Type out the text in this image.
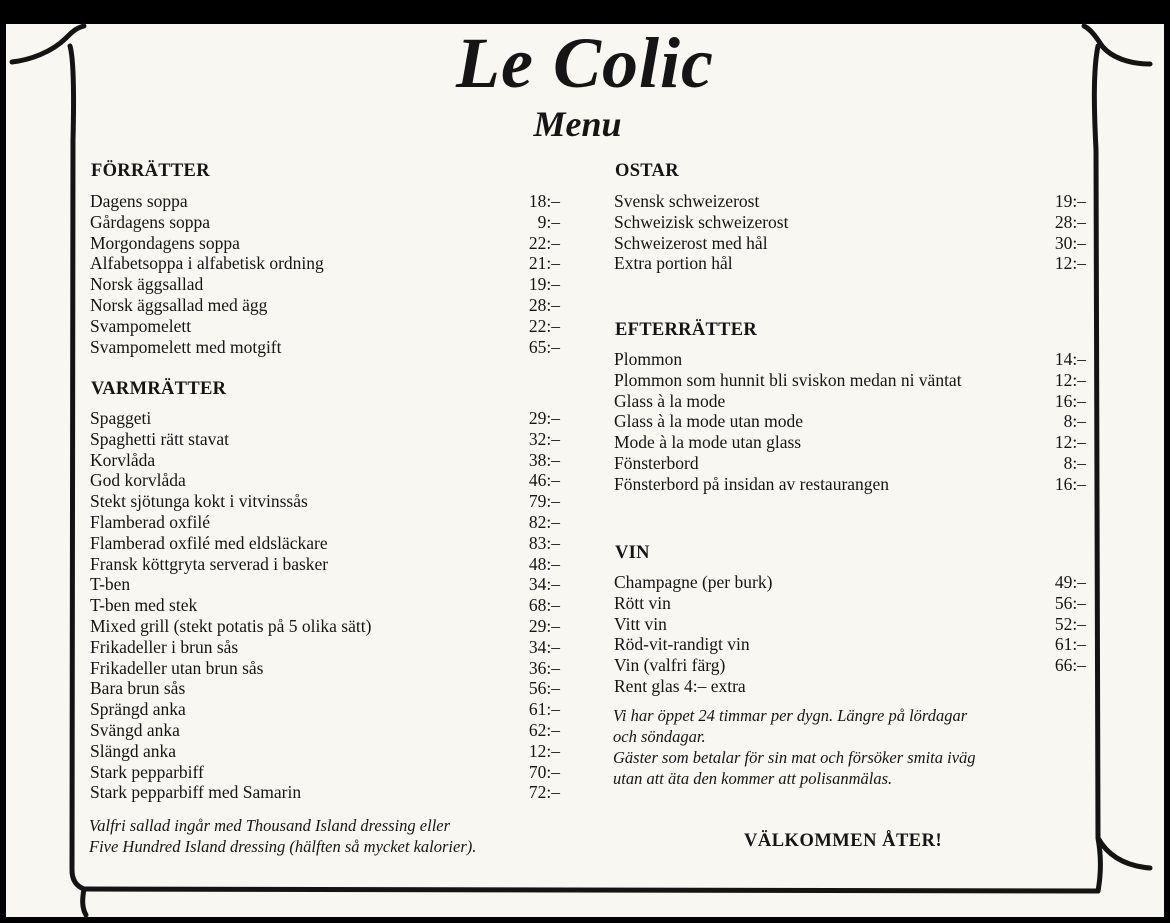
Le Colic
Menu
FÖRRÄTTER
Dagens soppa	18:–
Gårdagens soppa	9:–
Morgondagens soppa	22:–
Alfabetsoppa i alfabetisk ordning	21:–
Norsk äggsallad	19:–
Norsk äggsallad med ägg	28:–
Svampomelett	22:–
Svampomelett med motgift	65:–
VARMRÄTTER
Spaggeti	29:–
Spaghetti rätt stavat	32:–
Korvlåda	38:–
God korvlåda	46:–
Stekt sjötunga kokt i vitvinssås	79:–
Flamberad oxfilé	82:–
Flamberad oxfilé med eldsläckare	83:–
Fransk köttgryta serverad i basker	48:–
T-ben	34:–
T-ben med stek	68:–
Mixed grill (stekt potatis på 5 olika sätt)	29:–
Frikadeller i brun sås	34:–
Frikadeller utan brun sås	36:–
Bara brun sås	56:–
Sprängd anka	61:–
Svängd anka	62:–
Slängd anka	12:–
Stark pepparbiff	70:–
Stark pepparbiff med Samarin	72:–

Valfri sallad ingår med Thousand Island dressing eller

Five Hundred Island dressing (hälften så mycket kalorier).

OSTAR
Svensk schweizerost	19:–
Schweizisk schweizerost	28:–
Schweizerost med hål	30:–
Extra portion hål	12:–
EFTERRÄTTER
Plommon	14:–
Plommon som hunnit bli sviskon medan ni väntat	12:–
Glass à la mode	16:–
Glass à la mode utan mode	8:–
Mode à la mode utan glass	12:–
Fönsterbord	8:–
Fönsterbord på insidan av restaurangen	16:–
VIN
Champagne (per burk)	49:–
Rött vin	56:–
Vitt vin	52:–
Röd-vit-randigt vin	61:–
Vin (valfri färg)	66:–
Rent glas 4:– extra

Vi har öppet 24 timmar per dygn. Längre på lördagar

och söndagar.

Gäster som betalar för sin mat och försöker smita iväg

utan att äta den kommer att polisanmälas.

VÄLKOMMEN ÅTER!
